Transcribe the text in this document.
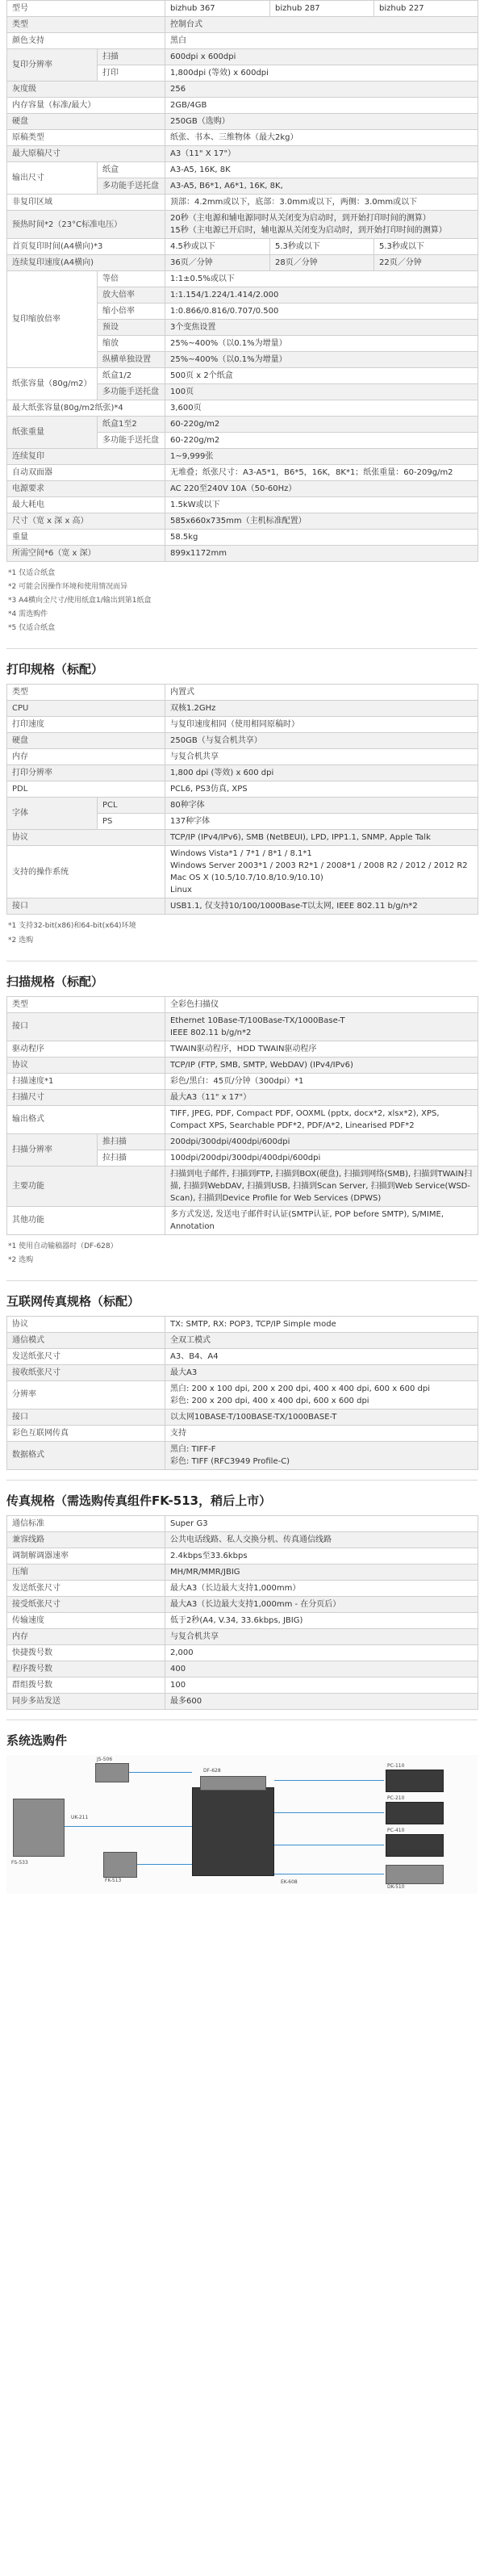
型号		bizhub 367	bizhub 287	bizhub 227
类型		控制台式		
颜色支持		黑白		
复印分辨率	扫描	600dpi x 600dpi		
	打印	1,800dpi (等效) x 600dpi		
灰度级		256		
内存容量（标准/最大）		2GB/4GB		
硬盘		250GB（选购）		
原稿类型		纸张、书本、三维物体（最大2kg）		
最大原稿尺寸		A3（11" X 17"）		
输出尺寸	纸盒	A3-A5, 16K, 8K		
	多功能手送托盘	A3-A5, B6*1, A6*1, 16K, 8K,		
非复印区域		顶部：4.2mm或以下，底部：3.0mm或以下，两侧：3.0mm或以下		
预热时间*2（23°C标准电压）		20秒（主电源和辅电源同时从关闭变为启动时，到开始打印时间的测算）
15秒（主电源已开启时，辅电源从关闭变为启动时，到开始打印时间的测算）		
首页复印时间(A4横向)*3		4.5秒或以下	5.3秒或以下	5.3秒或以下
连续复印速度(A4横向)		36页／分钟	28页／分钟	22页／分钟
复印缩放倍率	等倍	1:1±0.5%或以下		
	放大倍率	1:1.154/1.224/1.414/2.000		
	缩小倍率	1:0.866/0.816/0.707/0.500		
	预设	3个变焦设置		
	缩放	25%~400%（以0.1%为增量）		
	纵横单独设置	25%~400%（以0.1%为增量）		
纸张容量（80g/m2）	纸盒1/2	500页 x 2个纸盒		
	多功能手送托盘	100页		
最大纸张容量(80g/m2纸张)*4		3,600页		
纸张重量	纸盒1至2	60-220g/m2		
	多功能手送托盘	60-220g/m2		
连续复印		1~9,999张		
自动双面器		无堆叠；纸张尺寸：A3-A5*1，B6*5，16K，8K*1；纸张重量：60-209g/m2		
电源要求		AC 220至240V 10A（50-60Hz）		
最大耗电		1.5kW或以下		
尺寸（宽 x 深 x 高）		585x660x735mm（主机标准配置）		
重量		58.5kg		
所需空间*6（宽 x 深）		899x1172mm		
*1 仅适合纸盒
*2 可能会因操作环境和使用情况而异
*3 A4横向全尺寸/使用纸盒1/输出到第1纸盒
*4 需选购件
*5 仅适合纸盒
打印规格（标配）
类型		内置式
CPU		双核1.2GHz
打印速度		与复印速度相同（使用相同原稿时）
硬盘		250GB（与复合机共享）
内存		与复合机共享
打印分辨率		1,800 dpi (等效) x 600 dpi
PDL		PCL6, PS3仿真, XPS
字体	PCL	80种字体
	PS	137种字体
协议		TCP/IP (IPv4/IPv6), SMB (NetBEUI), LPD, IPP1.1, SNMP, Apple Talk
支持的操作系统		Windows Vista*1 / 7*1 / 8*1 / 8.1*1
Windows Server 2003*1 / 2003 R2*1 / 2008*1 / 2008 R2 / 2012 / 2012 R2
Mac OS X (10.5/10.7/10.8/10.9/10.10)
Linux
接口		USB1.1, 仅支持10/100/1000Base-T以太网, IEEE 802.11 b/g/n*2
*1 支持32-bit(x86)和64-bit(x64)环境
*2 选购
扫描规格（标配）
类型		全彩色扫描仪
接口		Ethernet 10Base-T/100Base-TX/1000Base-T
IEEE 802.11 b/g/n*2
驱动程序		TWAIN驱动程序，HDD TWAIN驱动程序
协议		TCP/IP (FTP, SMB, SMTP, WebDAV) (IPv4/IPv6)
扫描速度*1		彩色/黑白：45页/分钟（300dpi）*1
扫描尺寸		最大A3（11" x 17"）
输出格式		TIFF, JPEG, PDF, Compact PDF, OOXML (pptx, docx*2, xlsx*2), XPS, Compact XPS, Searchable PDF*2, PDF/A*2, Linearised PDF*2
扫描分辨率	推扫描	200dpi/300dpi/400dpi/600dpi
	拉扫描	100dpi/200dpi/300dpi/400dpi/600dpi
主要功能		扫描到电子邮件, 扫描到FTP, 扫描到BOX(硬盘), 扫描到网络(SMB), 扫描到TWAIN扫描, 扫描到WebDAV, 扫描到USB, 扫描到Scan Server, 扫描到Web Service(WSD-Scan), 扫描到Device Profile for Web Services (DPWS)
其他功能		多方式发送, 发送电子邮件时认证(SMTP认证, POP before SMTP), S/MIME, Annotation
*1 使用自动输稿器时（DF-628）
*2 选购
互联网传真规格（标配）
协议	TX: SMTP, RX: POP3, TCP/IP Simple mode
通信模式	全双工模式
发送纸张尺寸	A3、B4、A4
接收纸张尺寸	最大A3
分辨率	黑白: 200 x 100 dpi, 200 x 200 dpi, 400 x 400 dpi, 600 x 600 dpi
彩色: 200 x 200 dpi, 400 x 400 dpi, 600 x 600 dpi
接口	以太网10BASE-T/100BASE-TX/1000BASE-T
彩色互联网传真	支持
数据格式	黑白: TIFF-F
彩色: TIFF (RFC3949 Profile-C)
传真规格（需选购传真组件FK-513，稍后上市）
通信标准	Super G3
兼容线路	公共电话线路、私人交换分机、传真通信线路
调制解调器速率	2.4kbps至33.6kbps
压缩	MH/MR/MMR/JBIG
发送纸张尺寸	最大A3（长边最大支持1,000mm）
接受纸张尺寸	最大A3（长边最大支持1,000mm - 在分页后）
传输速度	低于2秒(A4, V.34, 33.6kbps, JBIG)
内存	与复合机共享
快捷拨号数	2,000
程序拨号数	400
群组拨号数	100
同步多站发送	最多600
系统选购件
FS-533
JS-506
DF-628
PC-110
PC-210
PC-410
DK-510
FK-513
UK-211
EK-608
